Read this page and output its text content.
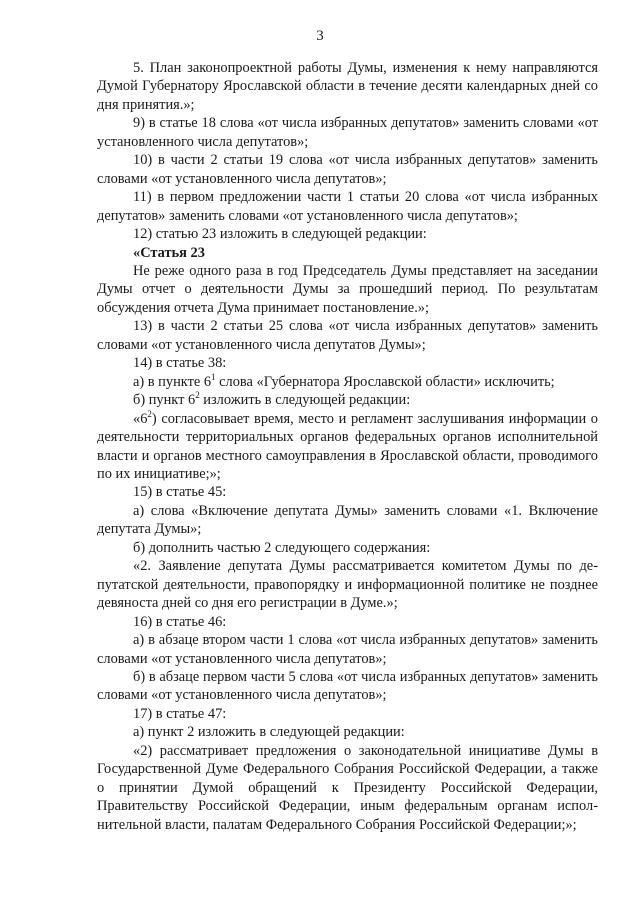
3

5. План законопроектной работы Думы, изменения к нему направляются Думой Губернатору Ярославской области в течение десяти календарных дней со дня принятия.»;

9) в статье 18 слова «от числа избранных депутатов» заменить словами «от установленного числа депутатов»;

10) в части 2 статьи 19 слова «от числа избранных депутатов» заменить словами «от установленного числа депутатов»;

11) в первом предложении части 1 статьи 20 слова «от числа избранных депутатов» заменить словами «от установленного числа депутатов»;

12) статью 23 изложить в следующей редакции:

«Статья 23

Не реже одного раза в год Председатель Думы представляет на заседании Думы отчет о деятельности Думы за прошедший период. По результатам обсуждения отчета Дума принимает постановление.»;

13) в части 2 статьи 25 слова «от числа избранных депутатов» заменить словами «от установленного числа депутатов Думы»;

14) в статье 38:

а) в пункте $6^1$ слова «Губернатора Ярославской области» исключить;

б) пункт $6^2$ изложить в следующей редакции:

«$6^2$) согласовывает время, место и регламент заслушивания информации о деятельности территориальных органов федеральных органов исполнительной власти и органов местного самоуправления в Ярославской области, проводимого по их инициативе;»;

15) в статье 45:

а) слова «Включение депутата Думы» заменить словами «1. Включение депутата Думы»;

б) дополнить частью 2 следующего содержания:

«2. Заявление депутата Думы рассматривается комитетом Думы по депутатской деятельности, правопорядку и информационной политике не позднее девяноста дней со дня его регистрации в Думе.»;

16) в статье 46:

а) в абзаце втором части 1 слова «от числа избранных депутатов» заменить словами «от установленного числа депутатов»;

б) в абзаце первом части 5 слова «от числа избранных депутатов» заменить словами «от установленного числа депутатов»;

17) в статье 47:

а) пункт 2 изложить в следующей редакции:

«2) рассматривает предложения о законодательной инициативе Думы в Государственной Думе Федерального Собрания Российской Федерации, а также о принятии Думой обращений к Президенту Российской Федерации, Правительству Российской Федерации, иным федеральным органам исполнительной власти, палатам Федерального Собрания Российской Федерации;»;
